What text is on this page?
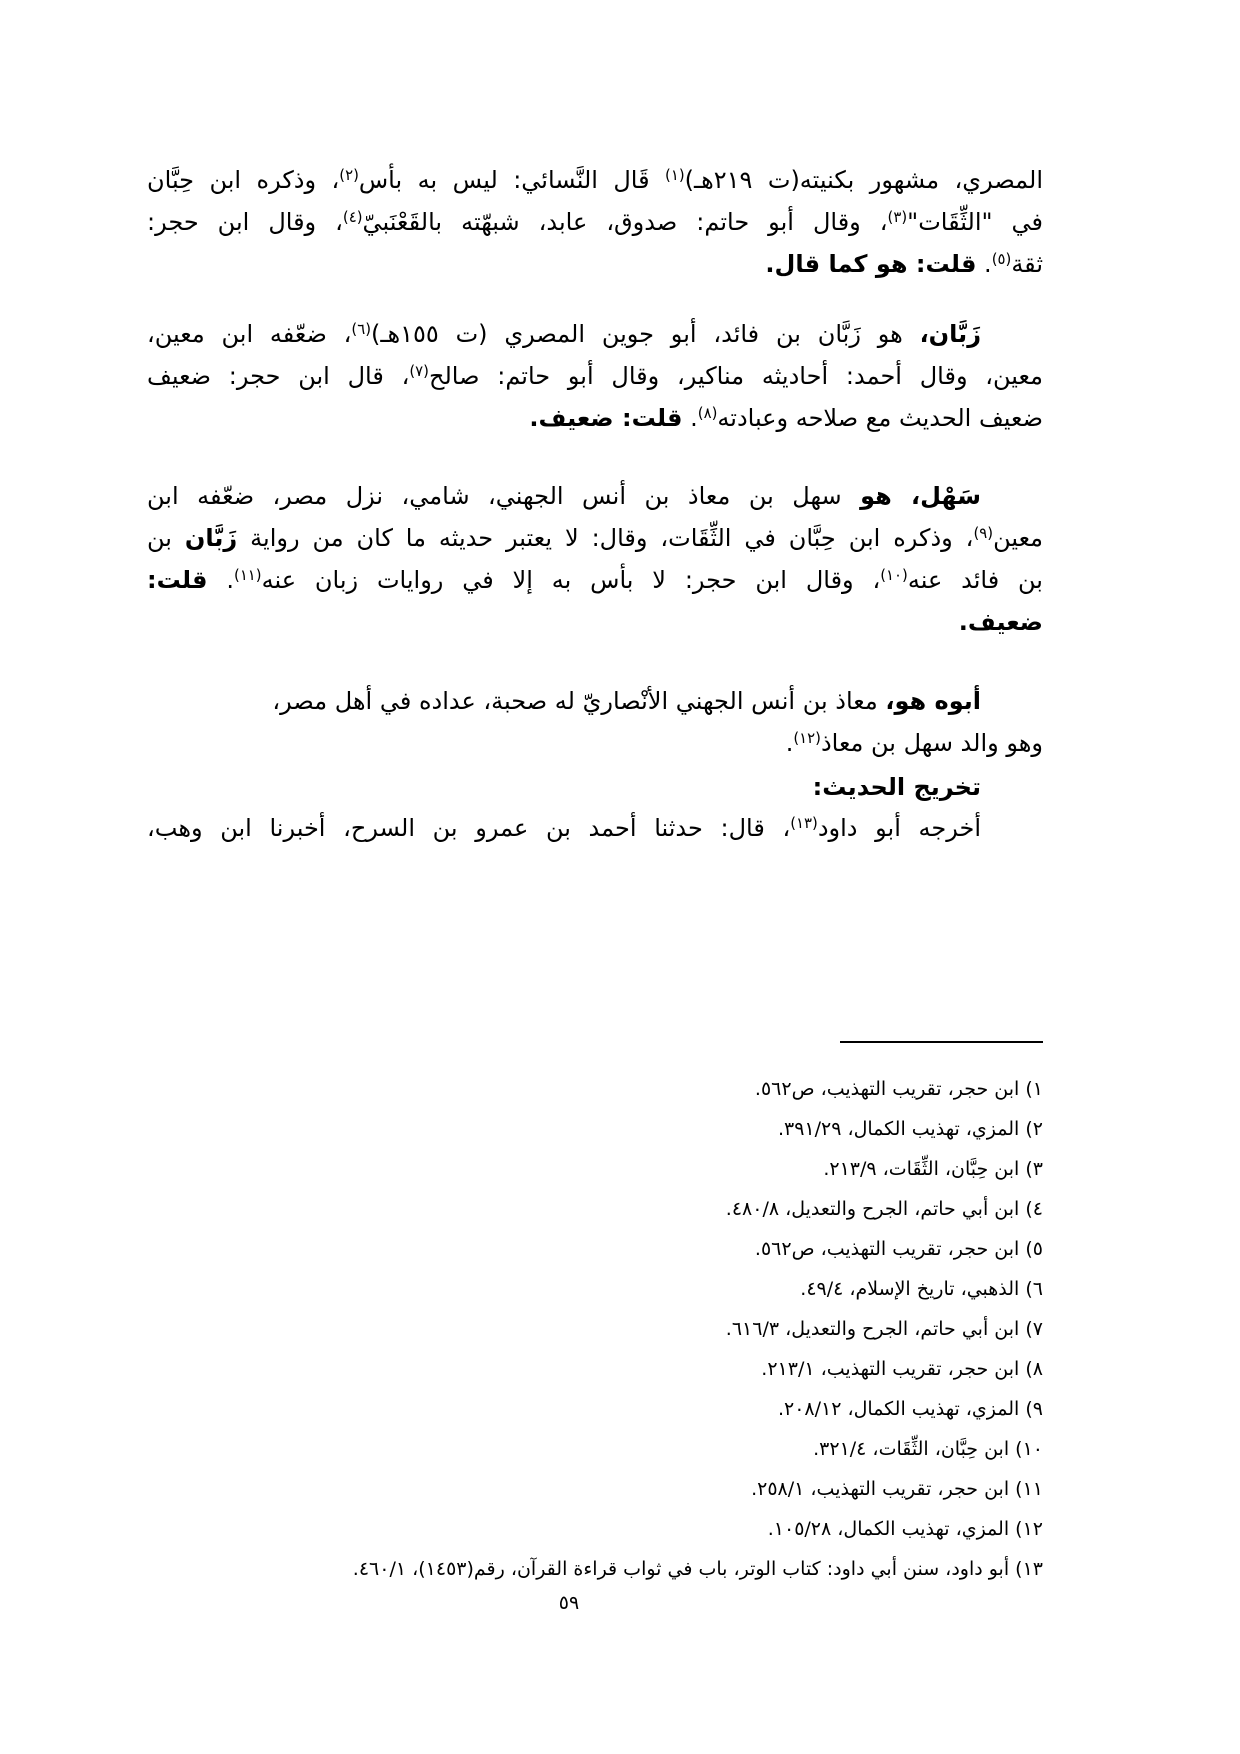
المصري، مشهور بكنيته(ت ٢١٩هـ)$^{(١)}$ قَال النَّسائي: ليس به بأس$^{(٢)}$، وذكره ابن حِبَّان
في "الثِّقَات"$^{(٣)}$، وقال أبو حاتم: صدوق، عابد، شبهّته بالقَعْنَبيّ$^{(٤)}$، وقال ابن حجر:
ثقة$^{(٥)}$. قلت: هو كما قال.
زَبَّان، هو زَبَّان بن فائد، أبو جوين المصري (ت ١٥٥هـ)$^{(٦)}$، ضعّفه ابن معين،
معين، وقال أحمد: أحاديثه مناكير، وقال أبو حاتم: صالح$^{(٧)}$، قال ابن حجر: ضعيف
ضعيف الحديث مع صلاحه وعبادته$^{(٨)}$. قلت: ضعيف.
سَهْل، هو سهل بن معاذ بن أنس الجهني، شامي، نزل مصر، ضعّفه ابن
معين$^{(٩)}$، وذكره ابن حِبَّان في الثِّقَات، وقال: لا يعتبر حديثه ما كان من رواية زَبَّان بن
بن فائد عنه$^{(١٠)}$، وقال ابن حجر: لا بأس به إلا في روايات زبان عنه$^{(١١)}$. قلت:
ضعيف.
أبوه هو، معاذ بن أنس الجهني الأنْصاريّ له صحبة، عداده في أهل مصر،
وهو والد سهل بن معاذ$^{(١٢)}$.
تخريج الحديث:
أخرجه أبو داود$^{(١٣)}$، قال: حدثنا أحمد بن عمرو بن السرح، أخبرنا ابن وهب،
١) ابن حجر، تقريب التهذيب، ص٥٦٢.
٢) المزي، تهذيب الكمال، ٣٩١/٢٩.
٣) ابن حِبَّان، الثِّقَات، ٢١٣/٩.
٤) ابن أبي حاتم، الجرح والتعديل، ٤٨٠/٨.
٥) ابن حجر، تقريب التهذيب، ص٥٦٢.
٦) الذهبي، تاريخ الإسلام، ٤٩/٤.
٧) ابن أبي حاتم، الجرح والتعديل، ٦١٦/٣.
٨) ابن حجر، تقريب التهذيب، ٢١٣/١.
٩) المزي، تهذيب الكمال، ٢٠٨/١٢.
١٠) ابن حِبَّان، الثِّقَات، ٣٢١/٤.
١١) ابن حجر، تقريب التهذيب، ٢٥٨/١.
١٢) المزي، تهذيب الكمال، ١٠٥/٢٨.
١٣) أبو داود، سنن أبي داود: كتاب الوتر، باب في ثواب قراءة القرآن، رقم(١٤٥٣)، ٤٦٠/١.
٥٩
